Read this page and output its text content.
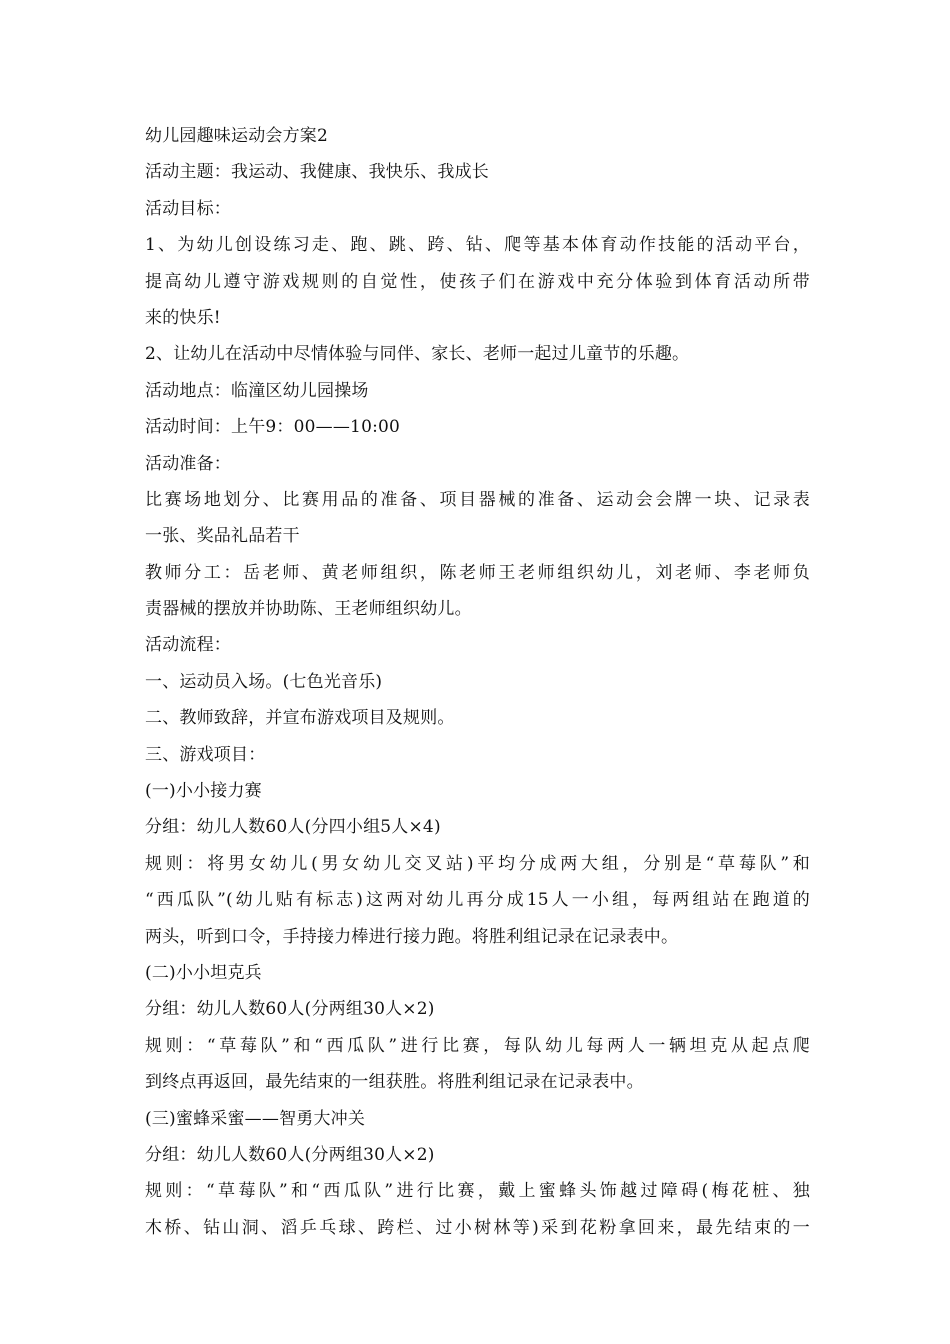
幼儿园趣味运动会方案2
活动主题：我运动、我健康、我快乐、我成长
活动目标：
1、为幼儿创设练习走、跑、跳、跨、钻、爬等基本体育动作技能的活动平台，
提高幼儿遵守游戏规则的自觉性，使孩子们在游戏中充分体验到体育活动所带
来的快乐!
2、让幼儿在活动中尽情体验与同伴、家长、老师一起过儿童节的乐趣。
活动地点：临潼区幼儿园操场
活动时间：上午9：00——10:00
活动准备：
比赛场地划分、比赛用品的准备、项目器械的准备、运动会会牌一块、记录表
一张、奖品礼品若干
教师分工：岳老师、黄老师组织，陈老师王老师组织幼儿，刘老师、李老师负
责器械的摆放并协助陈、王老师组织幼儿。
活动流程：
一、运动员入场。(七色光音乐)
二、教师致辞，并宣布游戏项目及规则。
三、游戏项目：
(一)小小接力赛
分组：幼儿人数60人(分四小组5人×4)
规则：将男女幼儿(男女幼儿交叉站)平均分成两大组，分别是“草莓队”和
“西瓜队”(幼儿贴有标志)这两对幼儿再分成15人一小组，每两组站在跑道的
两头，听到口令，手持接力棒进行接力跑。将胜利组记录在记录表中。
(二)小小坦克兵
分组：幼儿人数60人(分两组30人×2)
规则：“草莓队”和“西瓜队”进行比赛，每队幼儿每两人一辆坦克从起点爬
到终点再返回，最先结束的一组获胜。将胜利组记录在记录表中。
(三)蜜蜂采蜜——智勇大冲关
分组：幼儿人数60人(分两组30人×2)
规则：“草莓队”和“西瓜队”进行比赛，戴上蜜蜂头饰越过障碍(梅花桩、独
木桥、钻山洞、滔乒乓球、跨栏、过小树林等)采到花粉拿回来，最先结束的一
